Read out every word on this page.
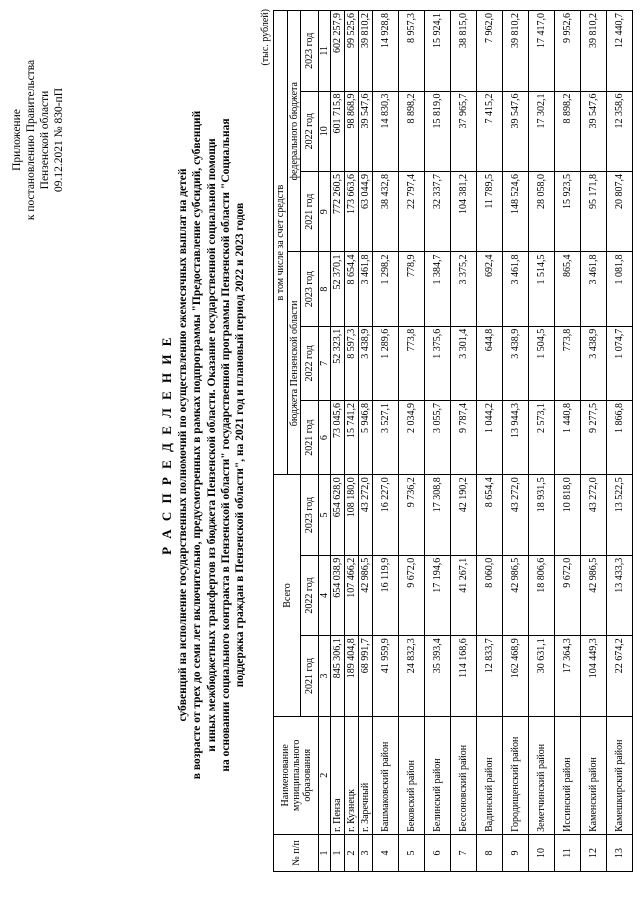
Приложение к постановлению Правительства Пензенской области 09.12.2021 № 830-пП
Р А С П Р Е Д Е Л Е Н И Е субвенций на исполнение государственных полномочий по осуществлению ежемесячных выплат на детей в возрасте от трех до семи лет включительно, предусмотренных в рамках подпрограммы "Предоставление субсидий, субвенций и иных межбюджетных трансфертов из бюджета Пензенской области. Оказание государственной социальной помощи на основании социального контракта в Пензенской области" государственной программы Пензенской области "Социальная поддержка граждан в Пензенской области", на 2021 год и плановый период 2022 и 2023 годов
(тыс. рублей)
№ п/п	Наименование муниципального образования	Всего			в том числе за счет средств					
					бюджета Пензенской области			федерального бюджета		
		2021 год	2022 год	2023 год	2021 год	2022 год	2023 год	2021 год	2022 год	2023 год
1	2	3	4	5	6	7	8	9	10	11
1	г. Пенза	845 306,1	654 038,9	654 628,0	73 045,6	52 323,1	52 370,1	772 260,5	601 715,8	602 257,9
2	г. Кузнецк	189 404,8	107 466,2	108 180,0	15 741,2	8 597,3	8 654,4	173 663,6	98 868,9	99 525,6
3	г. Заречный	68 991,7	42 986,5	43 272,0	5 946,8	3 438,9	3 461,8	63 044,9	39 547,6	39 810,2
4	Башмаковский район	41 959,9	16 119,9	16 227,0	3 527,1	1 289,6	1 298,2	38 432,8	14 830,3	14 928,8
5	Бековский район	24 832,3	9 672,0	9 736,2	2 034,9	773,8	778,9	22 797,4	8 898,2	8 957,3
6	Белинский район	35 393,4	17 194,6	17 308,8	3 055,7	1 375,6	1 384,7	32 337,7	15 819,0	15 924,1
7	Бессоновский район	114 168,6	41 267,1	42 190,2	9 787,4	3 301,4	3 375,2	104 381,2	37 965,7	38 815,0
8	Вадинский район	12 833,7	8 060,0	8 654,4	1 044,2	644,8	692,4	11 789,5	7 415,2	7 962,0
9	Городищенский район	162 468,9	42 986,5	43 272,0	13 944,3	3 438,9	3 461,8	148 524,6	39 547,6	39 810,2
10	Земетчинский район	30 631,1	18 806,6	18 931,5	2 573,1	1 504,5	1 514,5	28 058,0	17 302,1	17 417,0
11	Иссинский район	17 364,3	9 672,0	10 818,0	1 440,8	773,8	865,4	15 923,5	8 898,2	9 952,6
12	Каменский район	104 449,3	42 986,5	43 272,0	9 277,5	3 438,9	3 461,8	95 171,8	39 547,6	39 810,2
13	Камешкирский район	22 674,2	13 433,3	13 522,5	1 866,8	1 074,7	1 081,8	20 807,4	12 358,6	12 440,7
